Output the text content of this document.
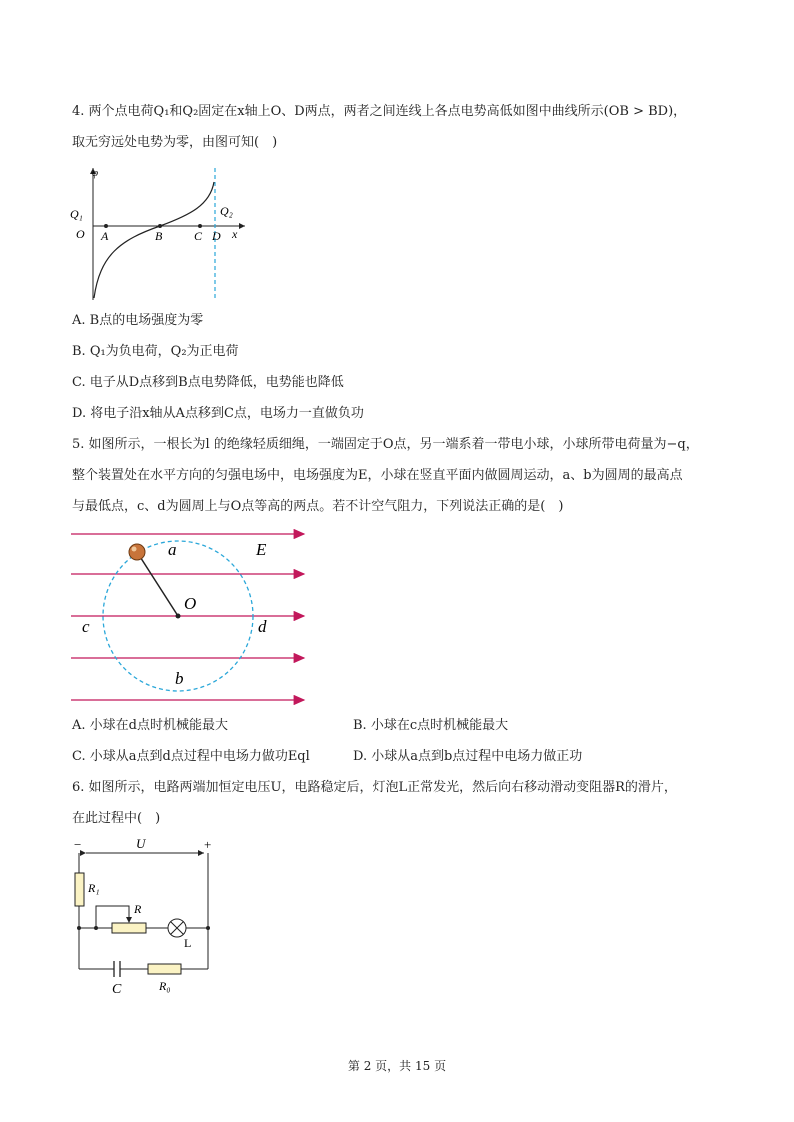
4. 两个点电荷Q₁和Q₂固定在x轴上O、D两点，两者之间连线上各点电势高低如图中曲线所示(OB > BD)，
取无穷远处电势为零，由图可知(　)
φ
Q₁
O A	B	C D
Q₂
x
A. B点的电场强度为零
B. Q₁为负电荷，Q₂为正电荷
C. 电子从D点移到B点电势降低，电势能也降低
D. 将电子沿x轴从A点移到C点，电场力一直做负功
5. 如图所示，一根长为l 的绝缘轻质细绳，一端固定于O点，另一端系着一带电小球，小球所带电荷量为−q，
整个装置处在水平方向的匀强电场中，电场强度为E，小球在竖直平面内做圆周运动，a、b为圆周的最高点
与最低点，c、d为圆周上与O点等高的两点。若不计空气阻力，下列说法正确的是(　)
a	E
O
c	d
b
A. 小球在d点时机械能最大	B. 小球在c点时机械能最大
C. 小球从a点到d点过程中电场力做功Eql	D. 小球从a点到b点过程中电场力做正功
6. 如图所示，电路两端加恒定电压U，电路稳定后，灯泡L正常发光，然后向右移动滑动变阻器R的滑片，
在此过程中(　)
−	+
U
R₁
R
L
C	R₀
第 2 页，共 15 页
